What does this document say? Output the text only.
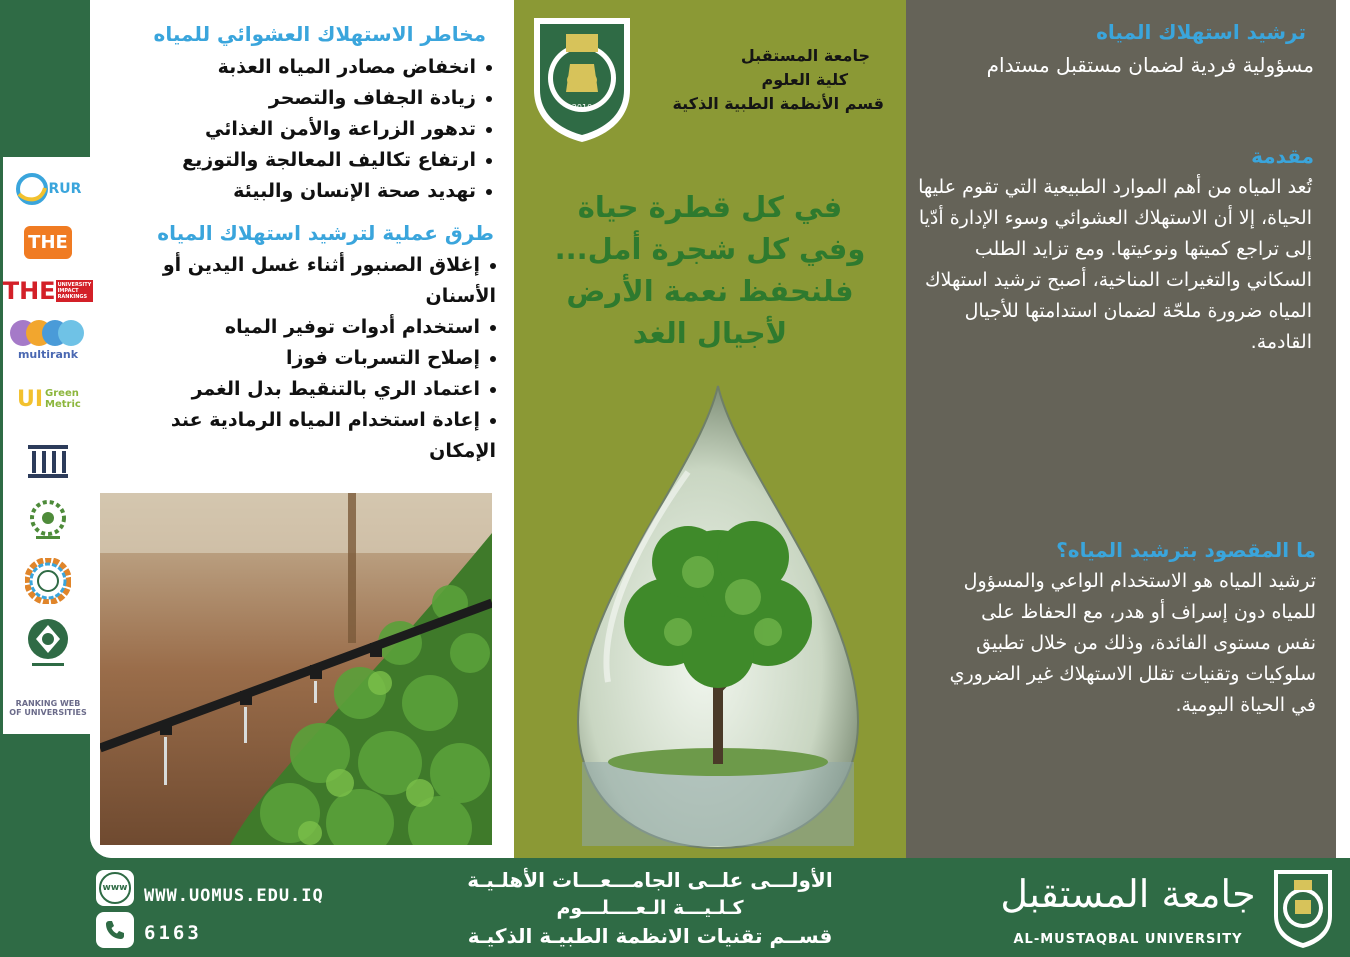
مخاطر الاستهلاك العشوائي للمياه
انخفاض مصادر المياه العذبة
زيادة الجفاف والتصحر
تدهور الزراعة والأمن الغذائي
ارتفاع تكاليف المعالجة والتوزيع
تهديد صحة الإنسان والبيئة
طرق عملية لترشيد استهلاك المياه
إغلاق الصنبور أثناء غسل اليدين أو الأسنان
استخدام أدوات توفير المياه
إصلاح التسربات فوزا
اعتماد الري بالتنقيط بدل الغمر
إعادة استخدام المياه الرمادية عند الإمكان
2010
جامعة المستقبل
كلية العلوم
قسم الأنظمة الطبية الذكية
في كل قطرة حياة
وفي كل شجرة أمل...
فلنحفظ نعمة الأرض
لأجيال الغد
ترشيد استهلاك المياه
مسؤولية فردية لضمان مستقبل مستدام
مقدمة
تُعد المياه من أهم الموارد الطبيعية التي تقوم عليها الحياة، إلا أن الاستهلاك العشوائي وسوء الإدارة أدّيا إلى تراجع كميتها ونوعيتها. ومع تزايد الطلب السكاني والتغيرات المناخية، أصبح ترشيد استهلاك المياه ضرورة ملحّة لضمان استدامتها للأجيال القادمة.
ما المقصود بترشيد المياه؟
ترشيد المياه هو الاستخدام الواعي والمسؤول للمياه دون إسراف أو هدر، مع الحفاظ على نفس مستوى الفائدة، وذلك من خلال تطبيق سلوكيات وتقنيات تقلل الاستهلاك غير الضروري في الحياة اليومية.
RUR
THE
THE UNIVERSITY IMPACT RANKINGS
multirank
UI Green Metric
RANKING WEB
OF UNIVERSITIES
www WWW.UOMUS.EDU.IQ
6163
الأولـــى علــى الجامـــعـــات الأهلـيـة
كـلـيـــة الـعــــلـــوم
قســم تقنيات الانظمة الطبيـة الذكيـة
جامعة المستقبل
AL-MUSTAQBAL UNIVERSITY
